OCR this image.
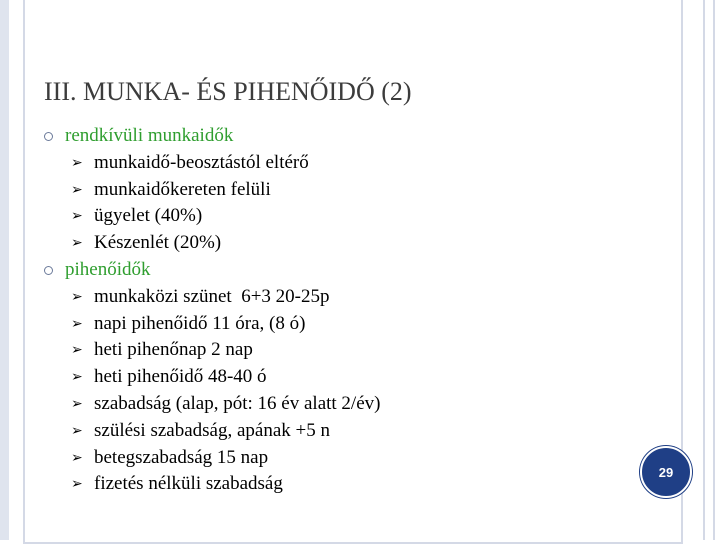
III. MUNKA- ÉS PIHENŐIDŐ (2)
rendkívüli munkaidők
➢ munkaidő-beosztástól eltérő
➢ munkaidőkereten felüli
➢ ügyelet (40%)
➢ Készenlét (20%)
pihenőidők
➢ munkaközi szünet  6+3 20-25p
➢ napi pihenőidő 11 óra, (8 ó)
➢ heti pihenőnap 2 nap
➢ heti pihenőidő 48-40 ó
➢ szabadság (alap, pót: 16 év alatt 2/év)
➢ szülési szabadság, apának +5 n
➢ betegszabadság 15 nap
➢ fizetés nélküli szabadság
29
